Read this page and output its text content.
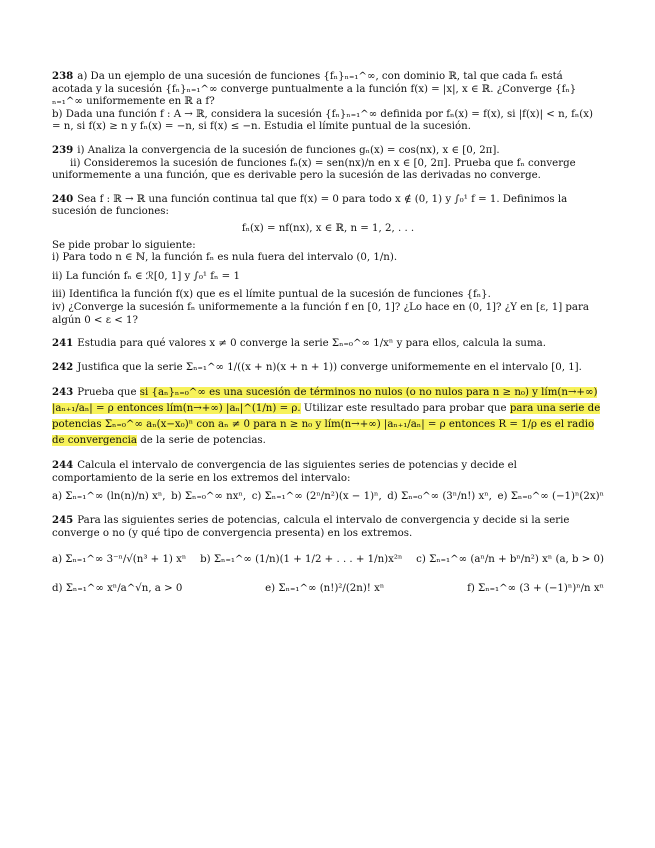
238 a) Da un ejemplo de una sucesión de funciones {fₙ}ₙ₌₁^∞, con dominio ℝ, tal que cada fₙ está acotada y la sucesión {fₙ}ₙ₌₁^∞ converge puntualmente a la función f(x) = |x|, x ∈ ℝ. ¿Converge {fₙ}ₙ₌₁^∞ uniformemente en ℝ a f?

b) Dada una función f : A → ℝ, considera la sucesión {fₙ}ₙ₌₁^∞ definida por fₙ(x) = f(x), si |f(x)| < n, fₙ(x) = n, si f(x) ≥ n y fₙ(x) = −n, si f(x) ≤ −n. Estudia el límite puntual de la sucesión.

239 i) Analiza la convergencia de la sucesión de funciones gₙ(x) = cos(nx), x ∈ [0, 2π].

ii) Consideremos la sucesión de funciones fₙ(x) = sen(nx)/n en x ∈ [0, 2π]. Prueba que fₙ converge uniformemente a una función, que es derivable pero la sucesión de las derivadas no converge.

240 Sea f : ℝ → ℝ una función continua tal que f(x) = 0 para todo x ∉ (0, 1) y ∫₀¹ f = 1. Definimos la sucesión de funciones:

fₙ(x) = nf(nx), x ∈ ℝ, n = 1, 2, . . .

Se pide probar lo siguiente:

i) Para todo n ∈ ℕ, la función fₙ es nula fuera del intervalo (0, 1/n).

ii) La función fₙ ∈ ℛ[0, 1] y ∫₀¹ fₙ = 1

iii) Identifica la función f(x) que es el límite puntual de la sucesión de funciones {fₙ}.

iv) ¿Converge la sucesión fₙ uniformemente a la función f en [0, 1]? ¿Lo hace en (0, 1]? ¿Y en [ε, 1] para algún 0 < ε < 1?

241 Estudia para qué valores x ≠ 0 converge la serie Σₙ₌₀^∞ 1/xⁿ y para ellos, calcula la suma.

242 Justifica que la serie Σₙ₌₁^∞ 1/((x + n)(x + n + 1)) converge uniformemente en el intervalo [0, 1].

243 Prueba que si {aₙ}ₙ₌₀^∞ es una sucesión de términos no nulos (o no nulos para n ≥ n₀) y lím(n→+∞) |aₙ₊₁/aₙ| = ρ entonces lím(n→+∞) |aₙ|^(1/n) = ρ. Utilizar este resultado para probar que para una serie de potencias Σₙ₌₀^∞ aₙ(x−x₀)ⁿ con aₙ ≠ 0 para n ≥ n₀ y lím(n→+∞) |aₙ₊₁/aₙ| = ρ entonces R = 1/ρ es el radio de convergencia de la serie de potencias.

244 Calcula el intervalo de convergencia de las siguientes series de potencias y decide el comportamiento de la serie en los extremos del intervalo:

a) Σₙ₌₁^∞ (ln(n)/n) xⁿ, b) Σₙ₌₀^∞ nxⁿ, c) Σₙ₌₁^∞ (2ⁿ/n²)(x − 1)ⁿ, d) Σₙ₌₀^∞ (3ⁿ/n!) xⁿ, e) Σₙ₌₀^∞ (−1)ⁿ(2x)ⁿ

245 Para las siguientes series de potencias, calcula el intervalo de convergencia y decide si la serie converge o no (y qué tipo de convergencia presenta) en los extremos.

a) Σₙ₌₁^∞ 3⁻ⁿ/√(n³ + 1) xⁿ b) Σₙ₌₁^∞ (1/n)(1 + 1/2 + . . . + 1/n)x²ⁿ c) Σₙ₌₁^∞ (aⁿ/n + bⁿ/n²) xⁿ (a, b > 0)
d) Σₙ₌₁^∞ xⁿ/a^√n, a > 0	e) Σₙ₌₁^∞ (n!)²/(2n)! xⁿ	f) Σₙ₌₁^∞ (3 + (−1)ⁿ)ⁿ/n xⁿ
